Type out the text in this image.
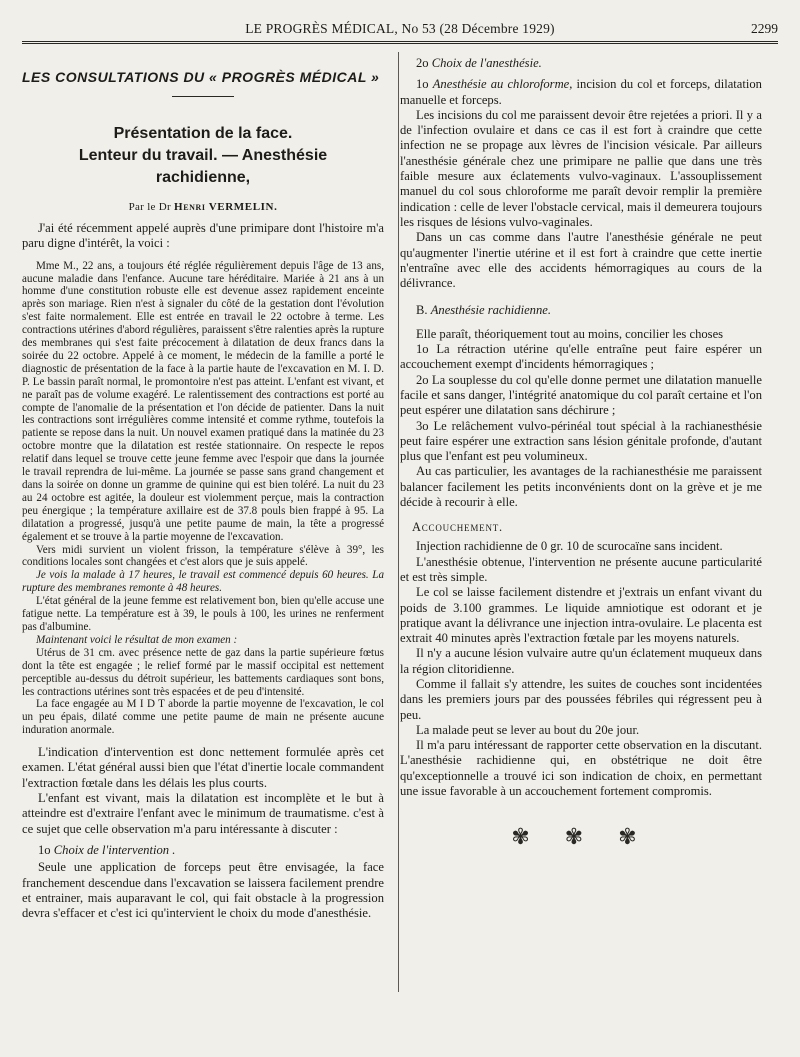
LE PROGRÈS MÉDICAL, No 53 (28 Décembre 1929)	2299
LES CONSULTATIONS DU « PROGRÈS MÉDICAL »
Présentation de la face.
Lenteur du travail. — Anesthésie
rachidienne,
Par le Dr Henri VERMELIN.

J'ai été récemment appelé auprès d'une primipare dont l'histoire m'a paru digne d'intérêt, la voici :

Mme M., 22 ans, a toujours été réglée régulièrement depuis l'âge de 13 ans, aucune maladie dans l'enfance. Aucune tare héréditaire. Mariée à 21 ans à un homme d'une constitution robuste elle est devenue assez rapidement enceinte après son mariage. Rien n'est à signaler du côté de la gestation dont l'évolution s'est faite normalement. Elle est entrée en travail le 22 octobre à terme. Les contractions utérines d'abord régulières, paraissent s'être ralenties après la rupture des membranes qui s'est faite précocement à dilatation de deux francs dans la soirée du 22 octobre. Appelé à ce moment, le médecin de la famille a porté le diagnostic de présentation de la face à la partie haute de l'excavation en M. I. D. P. Le bassin paraît normal, le promontoire n'est pas atteint. L'enfant est vivant, et ne paraît pas de volume exagéré. Le ralentissement des contractions est porté au compte de l'anomalie de la présentation et l'on décide de patienter. Dans la nuit les contractions sont irrégulières comme intensité et comme rythme, toutefois la patiente se repose dans la nuit. Un nouvel examen pratiqué dans la matinée du 23 octobre montre que la dilatation est restée stationnaire. On respecte le repos relatif dans lequel se trouve cette jeune femme avec l'espoir que dans la journée le travail reprendra de lui-même. La journée se passe sans grand changement et dans la soirée on donne un gramme de quinine qui est bien toléré. La nuit du 23 au 24 octobre est agitée, la douleur est violemment perçue, mais la contraction peu énergique ; la température axillaire est de 37.8 pouls bien frappé à 95. La dilatation a progressé, jusqu'à une petite paume de main, la tête a progressé également et se trouve à la partie moyenne de l'excavation.

Vers midi survient un violent frisson, la température s'élève à 39°, les conditions locales sont changées et c'est alors que je suis appelé.

Je vois la malade à 17 heures, le travail est commencé depuis 60 heures. La rupture des membranes remonte à 48 heures.

L'état général de la jeune femme est relativement bon, bien qu'elle accuse une fatigue nette. La température est à 39, le pouls à 100, les urines ne renferment pas d'albumine.

Maintenant voici le résultat de mon examen :

Utérus de 31 cm. avec présence nette de gaz dans la partie supérieure fœtus dont la tête est engagée ; le relief formé par le massif occipital est nettement perceptible au-dessus du détroit supérieur, les battements cardiaques sont bons, les contractions utérines sont très espacées et de peu d'intensité.

La face engagée au M I D T aborde la partie moyenne de l'excavation, le col un peu épais, dilaté comme une petite paume de main ne présente aucune induration anormale.

L'indication d'intervention est donc nettement formulée après cet examen. L'état général aussi bien que l'état d'inertie locale commandent l'extraction fœtale dans les délais les plus courts.

L'enfant est vivant, mais la dilatation est incomplète et le but à atteindre est d'extraire l'enfant avec le minimum de traumatisme. c'est à ce sujet que celle observation m'a paru intéressante à discuter :

1o Choix de l'intervention .

Seule une application de forceps peut être envisagée, la face franchement descendue dans l'excavation se laissera facilement prendre et entrainer, mais auparavant le col, qui fait obstacle à la progression devra s'effacer et c'est ici qu'intervient le choix du mode d'anesthésie.

2o Choix de l'anesthésie.

1o Anesthésie au chloroforme, incision du col et forceps, dilatation manuelle et forceps.

Les incisions du col me paraissent devoir être rejetées a priori. Il y a de l'infection ovulaire et dans ce cas il est fort à craindre que cette infection ne se propage aux lèvres de l'incision vésicale. Par ailleurs l'anesthésie générale chez une primipare ne pallie que dans une très faible mesure aux éclatements vulvo-vaginaux. L'assouplissement manuel du col sous chloroforme me paraît devoir remplir la première indication : celle de lever l'obstacle cervical, mais il demeurera toujours les risques de lésions vulvo-vaginales.

Dans un cas comme dans l'autre l'anesthésie générale ne peut qu'augmenter l'inertie utérine et il est fort à craindre que cette inertie n'entraîne avec elle des accidents hémorragiques au cours de la délivrance.

B. Anesthésie rachidienne.

Elle paraît, théoriquement tout au moins, concilier les choses

1o La rétraction utérine qu'elle entraîne peut faire espérer un accouchement exempt d'incidents hémorragiques ;

2o La souplesse du col qu'elle donne permet une dilatation manuelle facile et sans danger, l'intégrité anatomique du col paraît certaine et l'on peut espérer une dilatation sans déchirure ;

3o Le relâchement vulvo-périnéal tout spécial à la rachianesthésie peut faire espérer une extraction sans lésion génitale profonde, d'autant plus que l'enfant est peu volumineux.

Au cas particulier, les avantages de la rachianesthésie me paraissent balancer facilement les petits inconvénients dont on la grève et je me décide à recourir à elle.

Accouchement.

Injection rachidienne de 0 gr. 10 de scurocaïne sans incident.

L'anesthésie obtenue, l'intervention ne présente aucune particularité et est très simple.

Le col se laisse facilement distendre et j'extrais un enfant vivant du poids de 3.100 grammes. Le liquide amniotique est odorant et je pratique avant la délivrance une injection intra-ovulaire. Le placenta est extrait 40 minutes après l'extraction fœtale par les moyens naturels.

Il n'y a aucune lésion vulvaire autre qu'un éclatement muqueux dans la région clitoridienne.

Comme il fallait s'y attendre, les suites de couches sont incidentées dans les premiers jours par des poussées fébriles qui régressent peu à peu.

La malade peut se lever au bout du 20e jour.

Il m'a paru intéressant de rapporter cette observation en la discutant. L'anesthésie rachidienne qui, en obstétrique ne doit être qu'exceptionnelle a trouvé ici son indication de choix, en permettant une issue favorable à un accouchement fortement compromis.

✾ ✾ ✾
